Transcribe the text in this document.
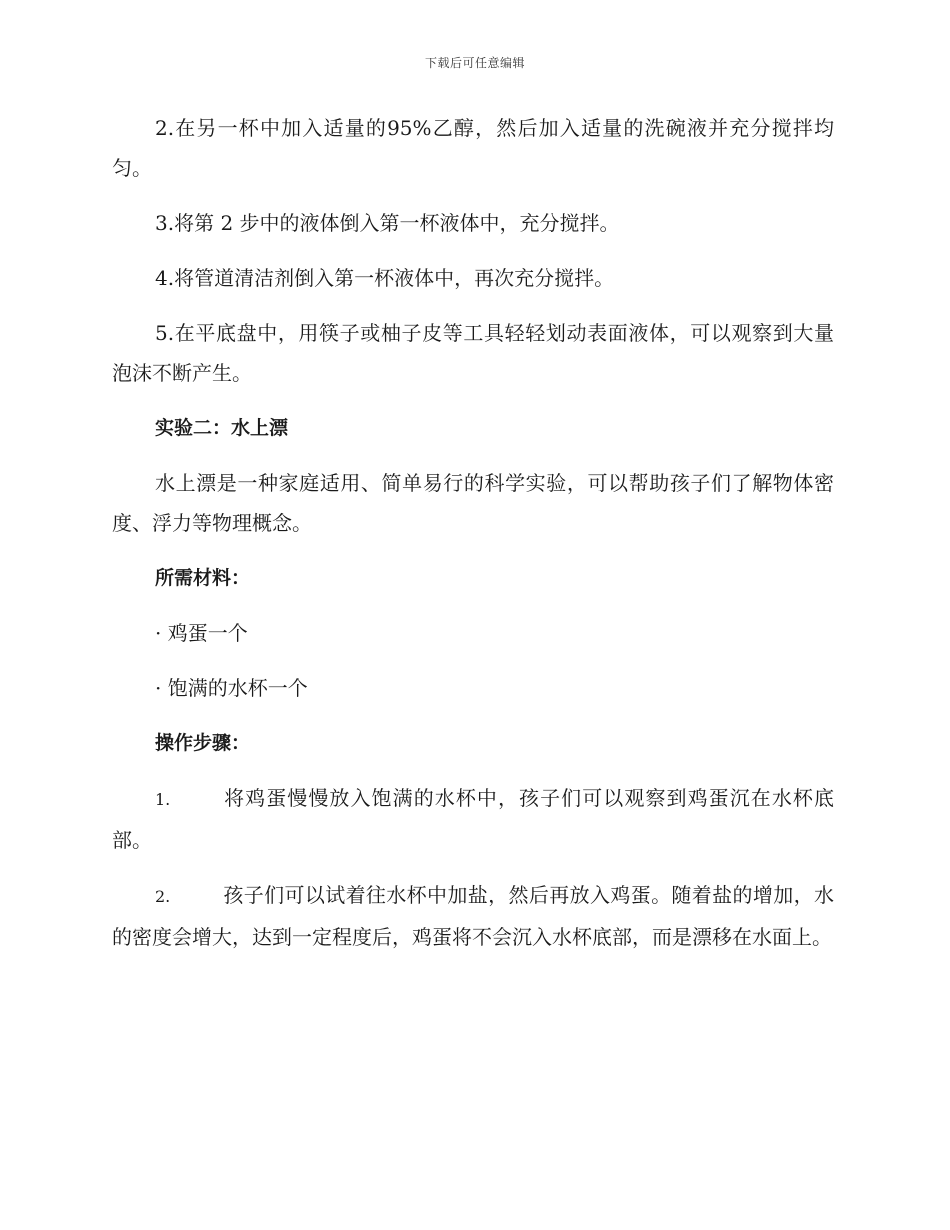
下载后可任意编辑

2.在另一杯中加入适量的95%乙醇，然后加入适量的洗碗液并充分搅拌均匀。

3.将第 2 步中的液体倒入第一杯液体中，充分搅拌。

4.将管道清洁剂倒入第一杯液体中，再次充分搅拌。

5.在平底盘中，用筷子或柚子皮等工具轻轻划动表面液体，可以观察到大量泡沫不断产生。

实验二：水上漂

水上漂是一种家庭适用、简单易行的科学实验，可以帮助孩子们了解物体密度、浮力等物理概念。

所需材料：

· 鸡蛋一个

· 饱满的水杯一个

操作步骤：

1.	将鸡蛋慢慢放入饱满的水杯中，孩子们可以观察到鸡蛋沉在水杯底部。

2.	孩子们可以试着往水杯中加盐，然后再放入鸡蛋。随着盐的增加，水的密度会增大，达到一定程度后，鸡蛋将不会沉入水杯底部，而是漂移在水面上。
